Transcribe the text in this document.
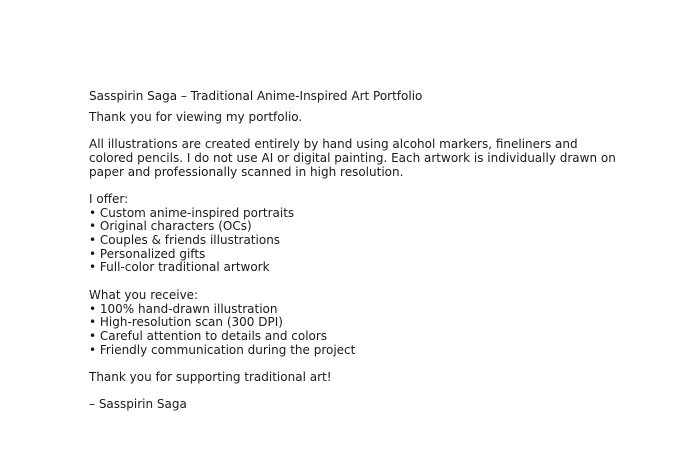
Sasspirin Saga – Traditional Anime-Inspired Art Portfolio
Thank you for viewing my portfolio.
All illustrations are created entirely by hand using alcohol markers, fineliners and
colored pencils. I do not use AI or digital painting. Each artwork is individually drawn on
paper and professionally scanned in high resolution.
I offer:
• Custom anime-inspired portraits
• Original characters (OCs)
• Couples & friends illustrations
• Personalized gifts
• Full-color traditional artwork
What you receive:
• 100% hand-drawn illustration
• High-resolution scan (300 DPI)
• Careful attention to details and colors
• Friendly communication during the project
Thank you for supporting traditional art!
– Sasspirin Saga
